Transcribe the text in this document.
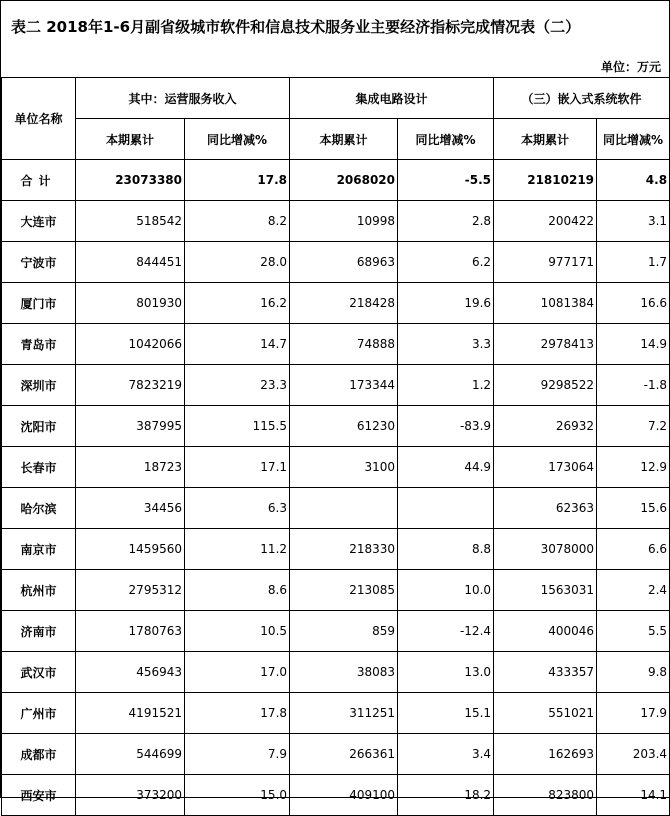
表二 2018年1-6月副省级城市软件和信息技术服务业主要经济指标完成情况表（二）
单位：万元
单位名称	其中：运营服务收入		集成电路设计		（三）嵌入式系统软件	
	本期累计	同比增减%	本期累计	同比增减%	本期累计	同比增减%
合计	23073380	17.8	2068020	-5.5	21810219	4.8
大连市	518542	8.2	10998	2.8	200422	3.1
宁波市	844451	28.0	68963	6.2	977171	1.7
厦门市	801930	16.2	218428	19.6	1081384	16.6
青岛市	1042066	14.7	74888	3.3	2978413	14.9
深圳市	7823219	23.3	173344	1.2	9298522	-1.8
沈阳市	387995	115.5	61230	-83.9	26932	7.2
长春市	18723	17.1	3100	44.9	173064	12.9
哈尔滨	34456	6.3			62363	15.6
南京市	1459560	11.2	218330	8.8	3078000	6.6
杭州市	2795312	8.6	213085	10.0	1563031	2.4
济南市	1780763	10.5	859	-12.4	400046	5.5
武汉市	456943	17.0	38083	13.0	433357	9.8
广州市	4191521	17.8	311251	15.1	551021	17.9
成都市	544699	7.9	266361	3.4	162693	203.4
西安市	373200	15.0	409100	18.2	823800	14.1
